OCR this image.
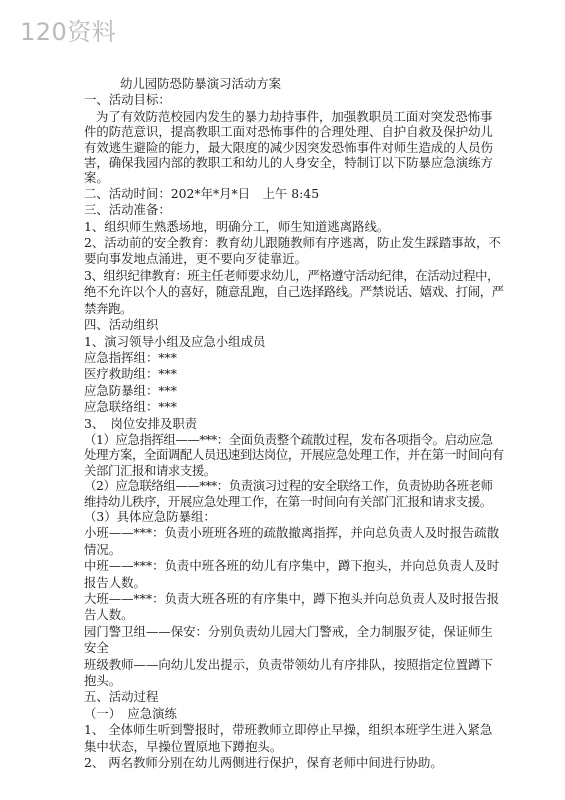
120资料

幼儿园防恐防暴演习活动方案

一、活动目标：

为了有效防范校园内发生的暴力劫持事件，加强教职员工面对突发恐怖事件的防范意识，提高教职工面对恐怖事件的合理处理、自护自救及保护幼儿有效逃生避险的能力，最大限度的减少因突发恐怖事件对师生造成的人员伤害，确保我园内部的教职工和幼儿的人身安全，特制订以下防暴应急演练方案。

二、活动时间：202*年*月*日　上午 8:45

三、活动准备：

1、组织师生熟悉场地，明确分工，师生知道逃离路线。

2、活动前的安全教育：教育幼儿跟随教师有序逃离，防止发生踩踏事故，不要向事发地点涌进，更不要向歹徒靠近。

3、组织纪律教育：班主任老师要求幼儿，严格遵守活动纪律，在活动过程中，绝不允许以个人的喜好，随意乱跑，自己选择路线。严禁说话、嬉戏、打闹，严禁奔跑。

四、活动组织

1、演习领导小组及应急小组成员

应急指挥组：***

医疗救助组：***

应急防暴组：***

应急联络组：***

3、　岗位安排及职责

（1）应急指挥组——***：全面负责整个疏散过程，发布各项指令。启动应急处理方案，全面调配人员迅速到达岗位，开展应急处理工作，并在第一时间向有关部门汇报和请求支援。

（2）应急联络组——***：负责演习过程的安全联络工作，负责协助各班老师维持幼儿秩序，开展应急处理工作，在第一时间向有关部门汇报和请求支援。

（3）具体应急防暴组：

小班——***：负责小班班各班的疏散撤离指挥，并向总负责人及时报告疏散情况。

中班——***：负责中班各班的幼儿有序集中，蹲下抱头，并向总负责人及时报告人数。

大班——***：负责大班各班的有序集中，蹲下抱头并向总负责人及时报告报告人数。

园门警卫组——保安：分别负责幼儿园大门警戒，全力制服歹徒，保证师生安全

班级教师——向幼儿发出提示，负责带领幼儿有序排队，按照指定位置蹲下抱头。

五、活动过程

（一）　应急演练

1、 全体师生听到警报时，带班教师立即停止早操，组织本班学生进入紧急集中状态，早操位置原地下蹲抱头。

2、 两名教师分别在幼儿两侧进行保护，保育老师中间进行协助。
